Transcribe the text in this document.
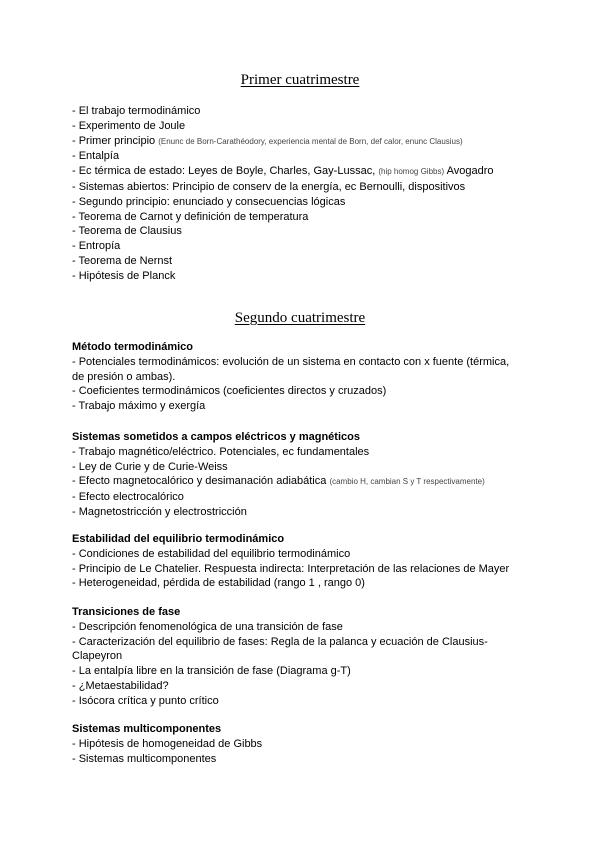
Primer cuatrimestre
- El trabajo termodinámico
- Experimento de Joule
- Primer principio (Enunc de Born-Carathéodory, experiencia mental de Born, def calor, enunc Clausius)
- Entalpía
- Ec térmica de estado: Leyes de Boyle, Charles, Gay-Lussac, (hip homog Gibbs) Avogadro
- Sistemas abiertos: Principio de conserv de la energía, ec Bernoulli, dispositivos
- Segundo principio: enunciado y consecuencias lógicas
- Teorema de Carnot y definición de temperatura
- Teorema de Clausius
- Entropía
- Teorema de Nernst
- Hipótesis de Planck
Segundo cuatrimestre
Método termodinámico
- Potenciales termodinámicos: evolución de un sistema en contacto con x fuente (térmica, de presión o ambas).
- Coeficientes termodinámicos (coeficientes directos y cruzados)
- Trabajo máximo y exergía
Sistemas sometidos a campos eléctricos y magnéticos
- Trabajo magnético/eléctrico. Potenciales, ec fundamentales
- Ley de Curie y de Curie-Weiss
- Efecto magnetocalórico y desimanación adiabática (cambio H, cambian S y T respectivamente)
- Efecto electrocalórico
- Magnetostricción y electrostricción
Estabilidad del equilibrio termodinámico
- Condiciones de estabilidad del equilibrio termodinámico
- Principio de Le Chatelier. Respuesta indirecta: Interpretación de las relaciones de Mayer
- Heterogeneidad, pérdida de estabilidad (rango 1 , rango 0)
Transiciones de fase
- Descripción fenomenológica de una transición de fase
- Caracterización del equilibrio de fases: Regla de la palanca y ecuación de Clausius-Clapeyron
- La entalpía libre en la transición de fase (Diagrama g-T)
- ¿Metaestabilidad?
- Isócora crítica y punto crítico
Sistemas multicomponentes
- Hipótesis de homogeneidad de Gibbs
- Sistemas multicomponentes
